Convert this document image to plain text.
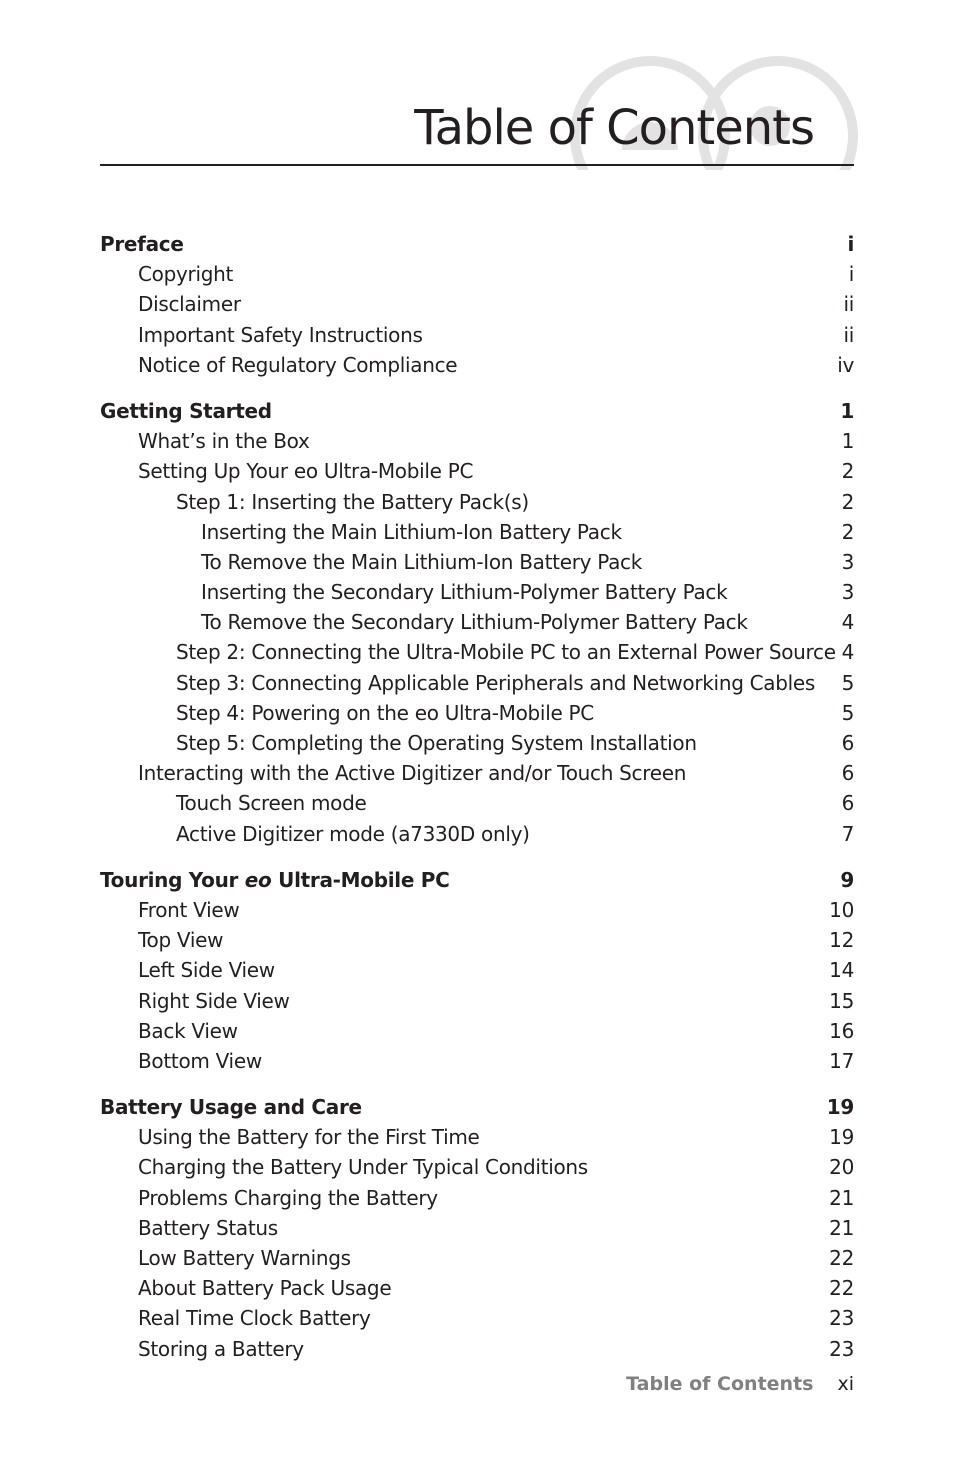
Table of Contents
Preface	i
Copyright	i
Disclaimer	ii
Important Safety Instructions	ii
Notice of Regulatory Compliance	iv
Getting Started	1
What’s in the Box	1
Setting Up Your eo Ultra-Mobile PC	2
Step 1: Inserting the Battery Pack(s)	2
Inserting the Main Lithium-Ion Battery Pack	2
To Remove the Main Lithium-Ion Battery Pack	3
Inserting the Secondary Lithium-Polymer Battery Pack	3
To Remove the Secondary Lithium-Polymer Battery Pack	4
Step 2: Connecting the Ultra-Mobile PC to an External Power Source 4
Step 3: Connecting Applicable Peripherals and Networking Cables 5
Step 4: Powering on the eo Ultra-Mobile PC	5
Step 5: Completing the Operating System Installation	6
Interacting with the Active Digitizer and/or Touch Screen	6
Touch Screen mode	6
Active Digitizer mode (a7330D only)	7
Touring Your eo Ultra-Mobile PC	9
Front View	10
Top View	12
Left Side View	14
Right Side View	15
Back View	16
Bottom View	17
Battery Usage and Care	19
Using the Battery for the First Time	19
Charging the Battery Under Typical Conditions	20
Problems Charging the Battery	21
Battery Status	21
Low Battery Warnings	22
About Battery Pack Usage	22
Real Time Clock Battery	23
Storing a Battery	23
Table of Contents xi
